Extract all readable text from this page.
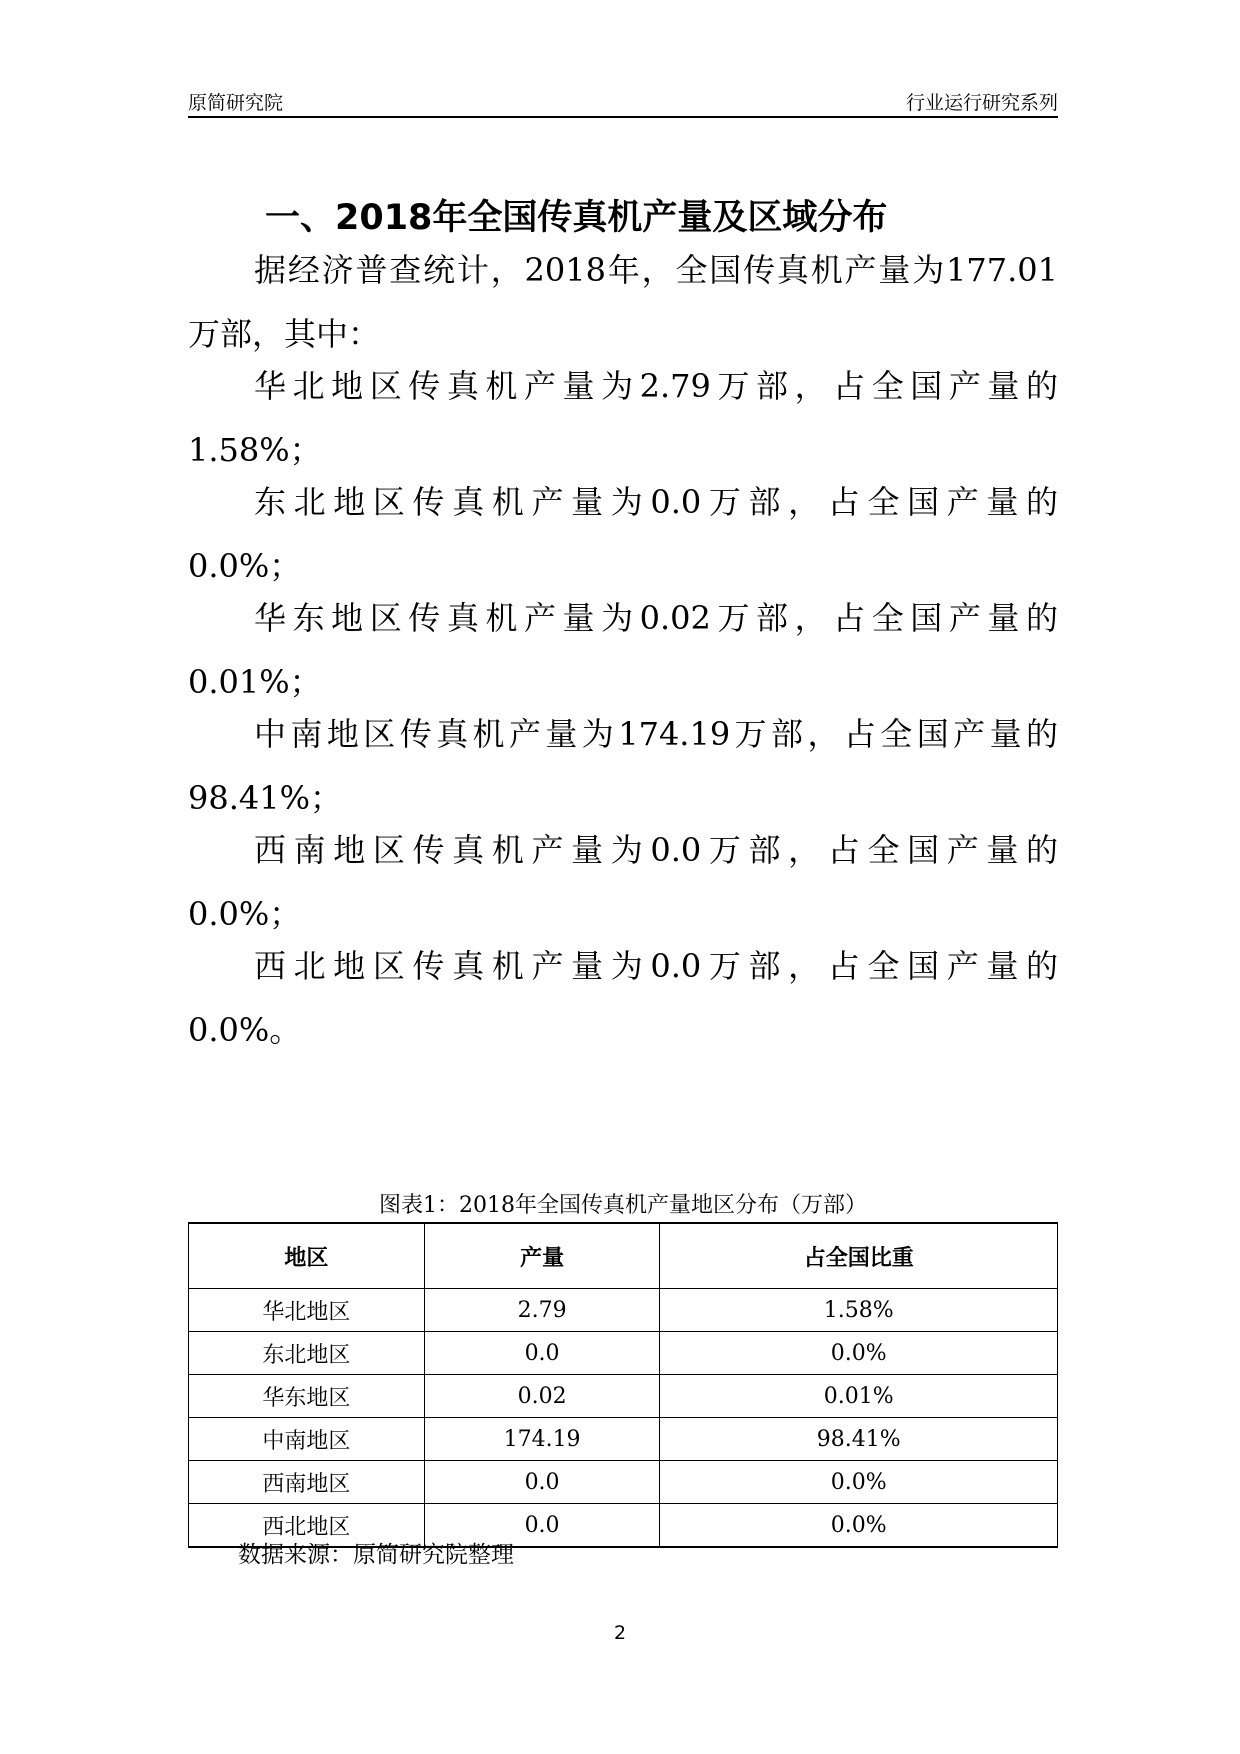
原简研究院	行业运行研究系列
一、2018年全国传真机产量及区域分布
据经济普查统计，2018年，全国传真机产量为177.01
万部，其中：
华北地区传真机产量为2.79万部，占全国产量的
1.58%；
东北地区传真机产量为0.0万部，占全国产量的
0.0%；
华东地区传真机产量为0.02万部，占全国产量的
0.01%；
中南地区传真机产量为174.19万部，占全国产量的
98.41%；
西南地区传真机产量为0.0万部，占全国产量的
0.0%；
西北地区传真机产量为0.0万部，占全国产量的
0.0%。
图表1：2018年全国传真机产量地区分布（万部）
地区	产量	占全国比重
华北地区	2.79	1.58%
东北地区	0.0	0.0%
华东地区	0.02	0.01%
中南地区	174.19	98.41%
西南地区	0.0	0.0%
西北地区	0.0	0.0%
数据来源：原简研究院整理
2
